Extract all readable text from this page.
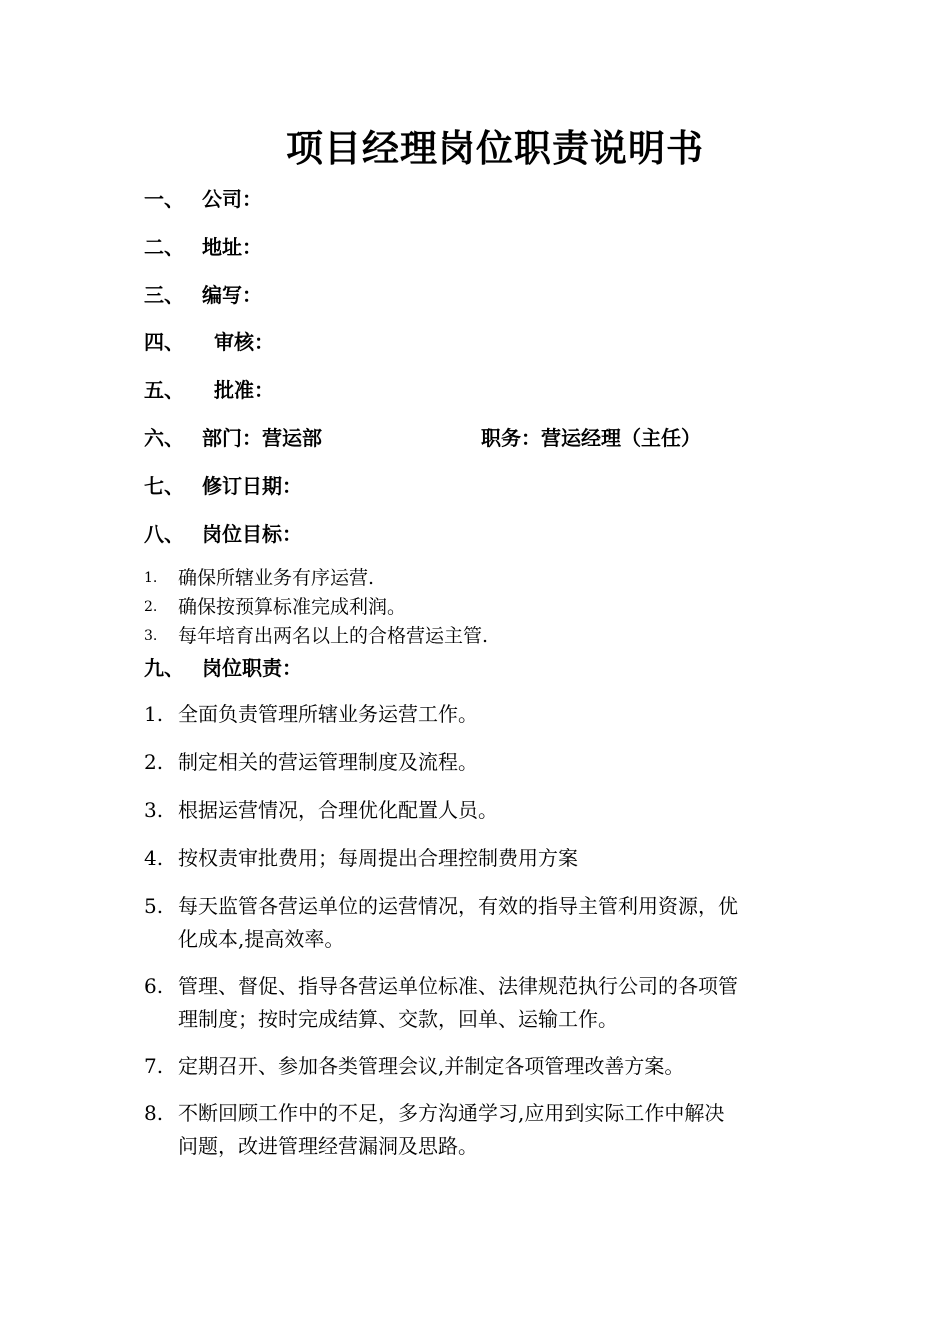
项目经理岗位职责说明书
一、 公司：
二、 地址：
三、 编写：
四、 审核：
五、 批准：
六、 部门：营运部	职务：营运经理（主任）
七、 修订日期：
八、 岗位目标：
1. 确保所辖业务有序运营.
2. 确保按预算标准完成利润。
3. 每年培育出两名以上的合格营运主管.
九、 岗位职责：
1. 全面负责管理所辖业务运营工作。
2. 制定相关的营运管理制度及流程。
3. 根据运营情况，合理优化配置人员。
4. 按权责审批费用；每周提出合理控制费用方案
5. 每天监管各营运单位的运营情况，有效的指导主管利用资源，优
化成本,提高效率。
6. 管理、督促、指导各营运单位标准、法律规范执行公司的各项管
理制度；按时完成结算、交款，回单、运输工作。
7. 定期召开、参加各类管理会议,并制定各项管理改善方案。
8. 不断回顾工作中的不足，多方沟通学习,应用到实际工作中解决
问题，改进管理经营漏洞及思路。
